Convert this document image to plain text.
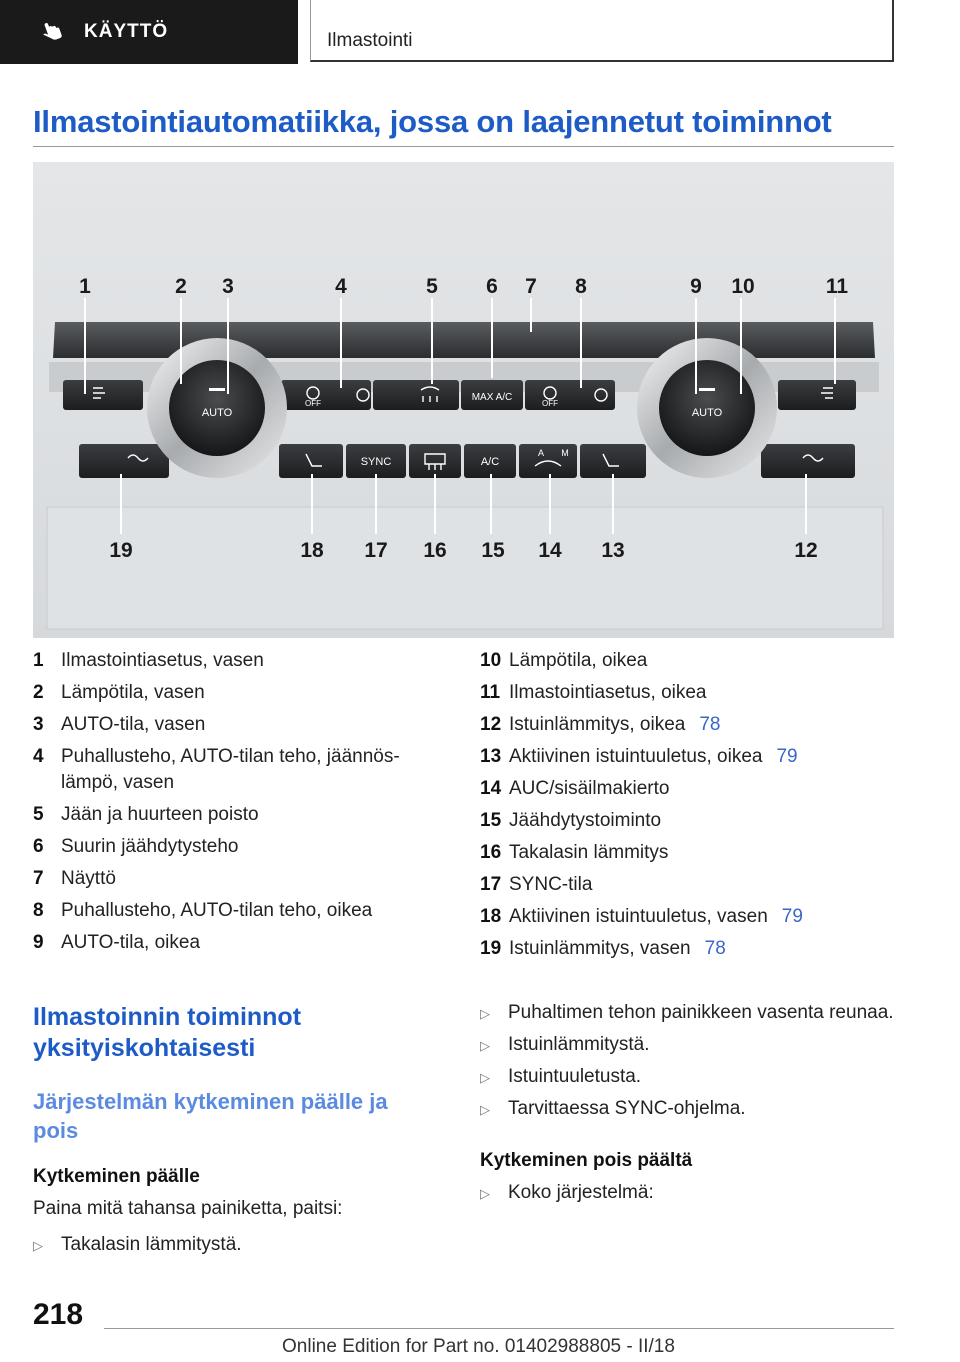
KÄYTTÖ	Ilmastointi
Ilmastointiautomatiikka, jossa on laajennetut toiminnot
AUTO	AUTO
OFF	OFF
MAX A/C
SYNC	A/C
A M
1	2 3	4	5 6 7 8	9 10	11
19	18 17 16 15 14 13	12
1 Ilmastointiasetus, vasen
2 Lämpötila, vasen
3 AUTO-tila, vasen
4 Puhallusteho, AUTO-tilan teho, jäännös-
lämpö, vasen
5 Jään ja huurteen poisto
6 Suurin jäähdytysteho
7 Näyttö
8 Puhallusteho, AUTO-tilan teho, oikea
9 AUTO-tila, oikea
10 Lämpötila, oikea
11 Ilmastointiasetus, oikea
12 Istuinlämmitys, oikea 78
13 Aktiivinen istuintuuletus, oikea 79
14 AUC/sisäilmakierto
15 Jäähdytystoiminto
16 Takalasin lämmitys
17 SYNC-tila
18 Aktiivinen istuintuuletus, vasen 79
19 Istuinlämmitys, vasen 78
Ilmastoinnin toiminnot yksityiskohtaisesti
Järjestelmän kytkeminen päälle ja pois
Kytkeminen päälle
Paina mitä tahansa painiketta, paitsi:
▷ Takalasin lämmitystä.
▷ Puhaltimen tehon painikkeen vasenta reunaa.
▷ Istuinlämmitystä.
▷ Istuintuuletusta.
▷ Tarvittaessa SYNC-ohjelma.
Kytkeminen pois päältä
▷ Koko järjestelmä:
218
Online Edition for Part no. 01402988805 - II/18
